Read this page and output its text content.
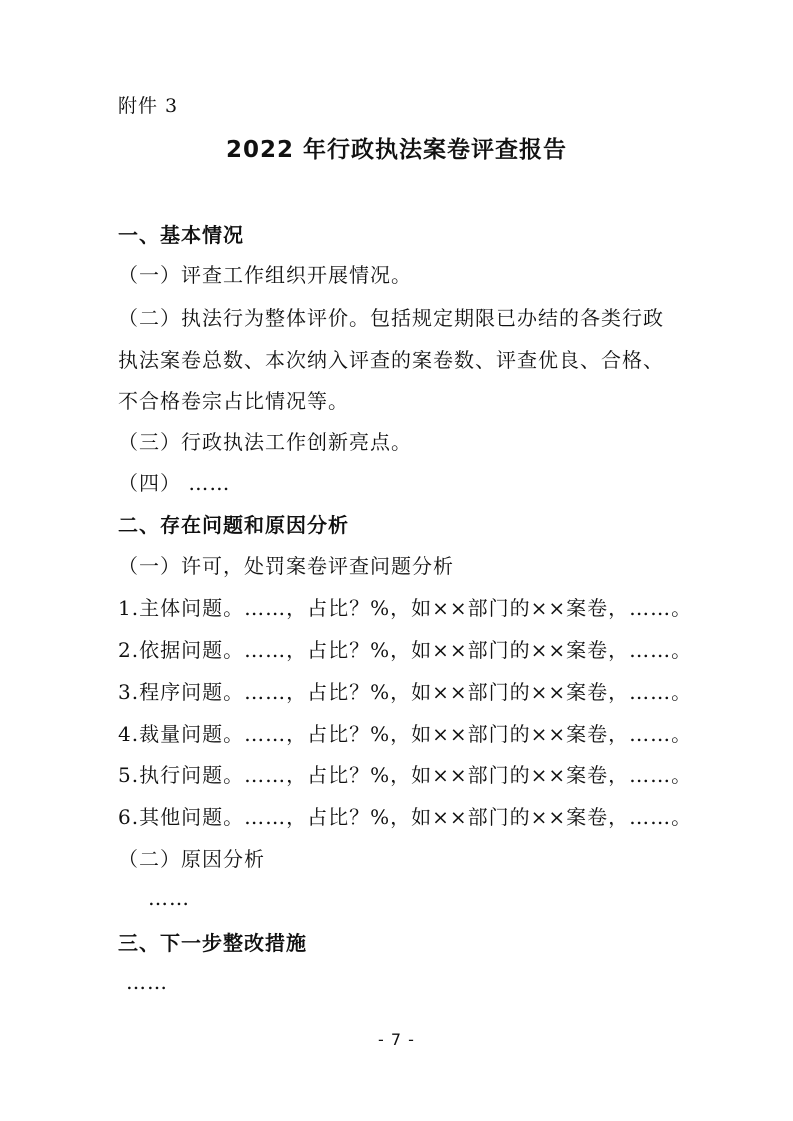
附件 3
2022 年行政执法案卷评查报告
一、基本情况
（一）评查工作组织开展情况。
（二）执法行为整体评价。包括规定期限已办结的各类行政
执法案卷总数、本次纳入评查的案卷数、评查优良、合格、
不合格卷宗占比情况等。
（三）行政执法工作创新亮点。
（四） ……
二、存在问题和原因分析
（一）许可，处罚案卷评查问题分析
1.主体问题。……，占比？%，如××部门的××案卷，……。
2.依据问题。……，占比？%，如××部门的××案卷，……。
3.程序问题。……，占比？%，如××部门的××案卷，……。
4.裁量问题。……，占比？%，如××部门的××案卷，……。
5.执行问题。……，占比？%，如××部门的××案卷，……。
6.其他问题。……，占比？%，如××部门的××案卷，……。
（二）原因分析
……
三、下一步整改措施
……
- 7 -
